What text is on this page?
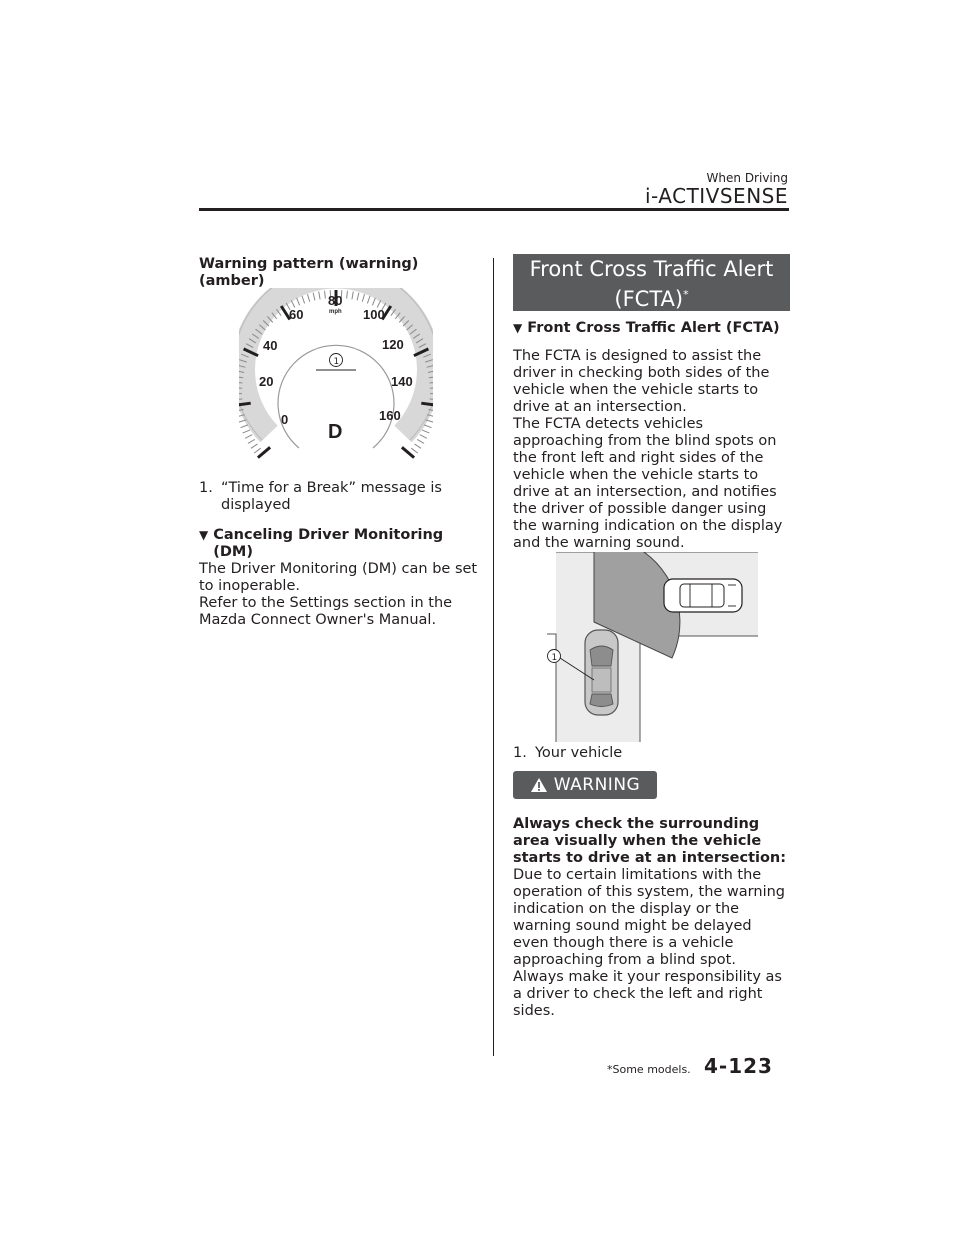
When Driving
i-ACTIVSENSE
Warning pattern (warning) (amber)
0
20
40
60
80
100
120
140
160
mph
D
1
1. “Time for a Break” message is displayed
▼ Canceling Driver Monitoring (DM)
The Driver Monitoring (DM) can be set to inoperable.
Refer to the Settings section in the Mazda Connect Owner's Manual.
Front Cross Traffic Alert
(FCTA)*
▼ Front Cross Traffic Alert (FCTA)
The FCTA is designed to assist the driver in checking both sides of the vehicle when the vehicle starts to drive at an intersection.
The FCTA detects vehicles approaching from the blind spots on the front left and right sides of the vehicle when the vehicle starts to drive at an intersection, and notifies the driver of possible danger using the warning indication on the display and the warning sound.
1
1. Your vehicle
WARNING
Always check the surrounding area visually when the vehicle starts to drive at an intersection:
Due to certain limitations with the operation of this system, the warning indication on the display or the warning sound might be delayed even though there is a vehicle approaching from a blind spot. Always make it your responsibility as a driver to check the left and right sides.
*Some models. 4-123
